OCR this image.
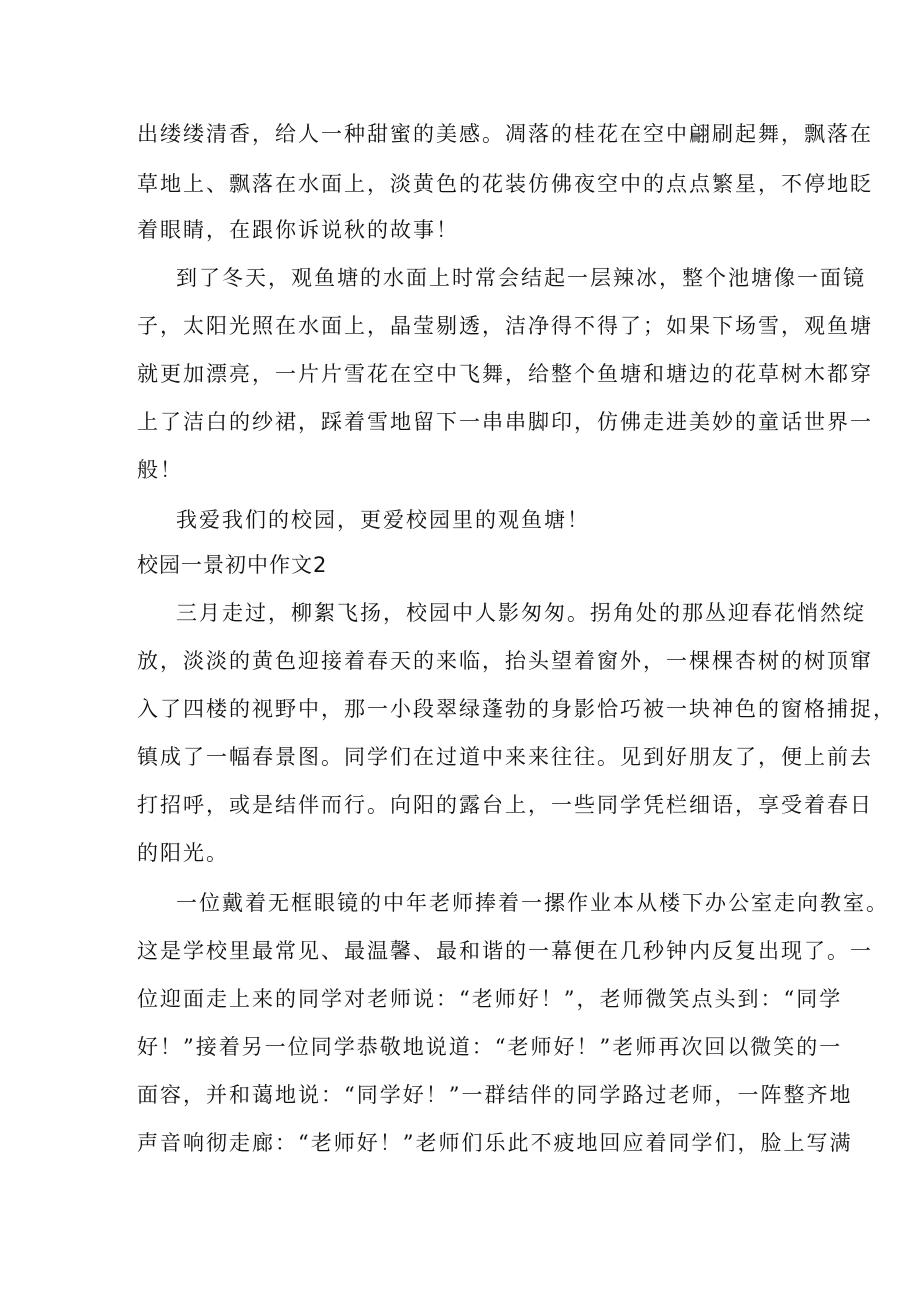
出缕缕清香，给人一种甜蜜的美感。凋落的桂花在空中翩刷起舞，飘落在
草地上、飘落在水面上，淡黄色的花装仿佛夜空中的点点繁星，不停地眨
着眼睛，在跟你诉说秋的故事！
到了冬天，观鱼塘的水面上时常会结起一层辣冰，整个池塘像一面镜
子，太阳光照在水面上，晶莹剔透，洁净得不得了；如果下场雪，观鱼塘
就更加漂亮，一片片雪花在空中飞舞，给整个鱼塘和塘边的花草树木都穿
上了洁白的纱裙，踩着雪地留下一串串脚印，仿佛走进美妙的童话世界一
般！
我爱我们的校园，更爱校园里的观鱼塘！
校园一景初中作文2
三月走过，柳絮飞扬，校园中人影匆匆。拐角处的那丛迎春花悄然绽
放，淡淡的黄色迎接着春天的来临，抬头望着窗外，一棵棵杏树的树顶窜
入了四楼的视野中，那一小段翠绿蓬勃的身影恰巧被一块神色的窗格捕捉，
镇成了一幅春景图。同学们在过道中来来往往。见到好朋友了，便上前去
打招呼，或是结伴而行。向阳的露台上，一些同学凭栏细语，享受着春日
的阳光。
一位戴着无框眼镜的中年老师捧着一摞作业本从楼下办公室走向教室。
这是学校里最常见、最温馨、最和谐的一幕便在几秒钟内反复出现了。一
位迎面走上来的同学对老师说：“老师好！”，老师微笑点头到：“同学
好！”接着另一位同学恭敬地说道：“老师好！”老师再次回以微笑的一
面容，并和蔼地说：“同学好！”一群结伴的同学路过老师，一阵整齐地
声音响彻走廊：“老师好！”老师们乐此不疲地回应着同学们，脸上写满
